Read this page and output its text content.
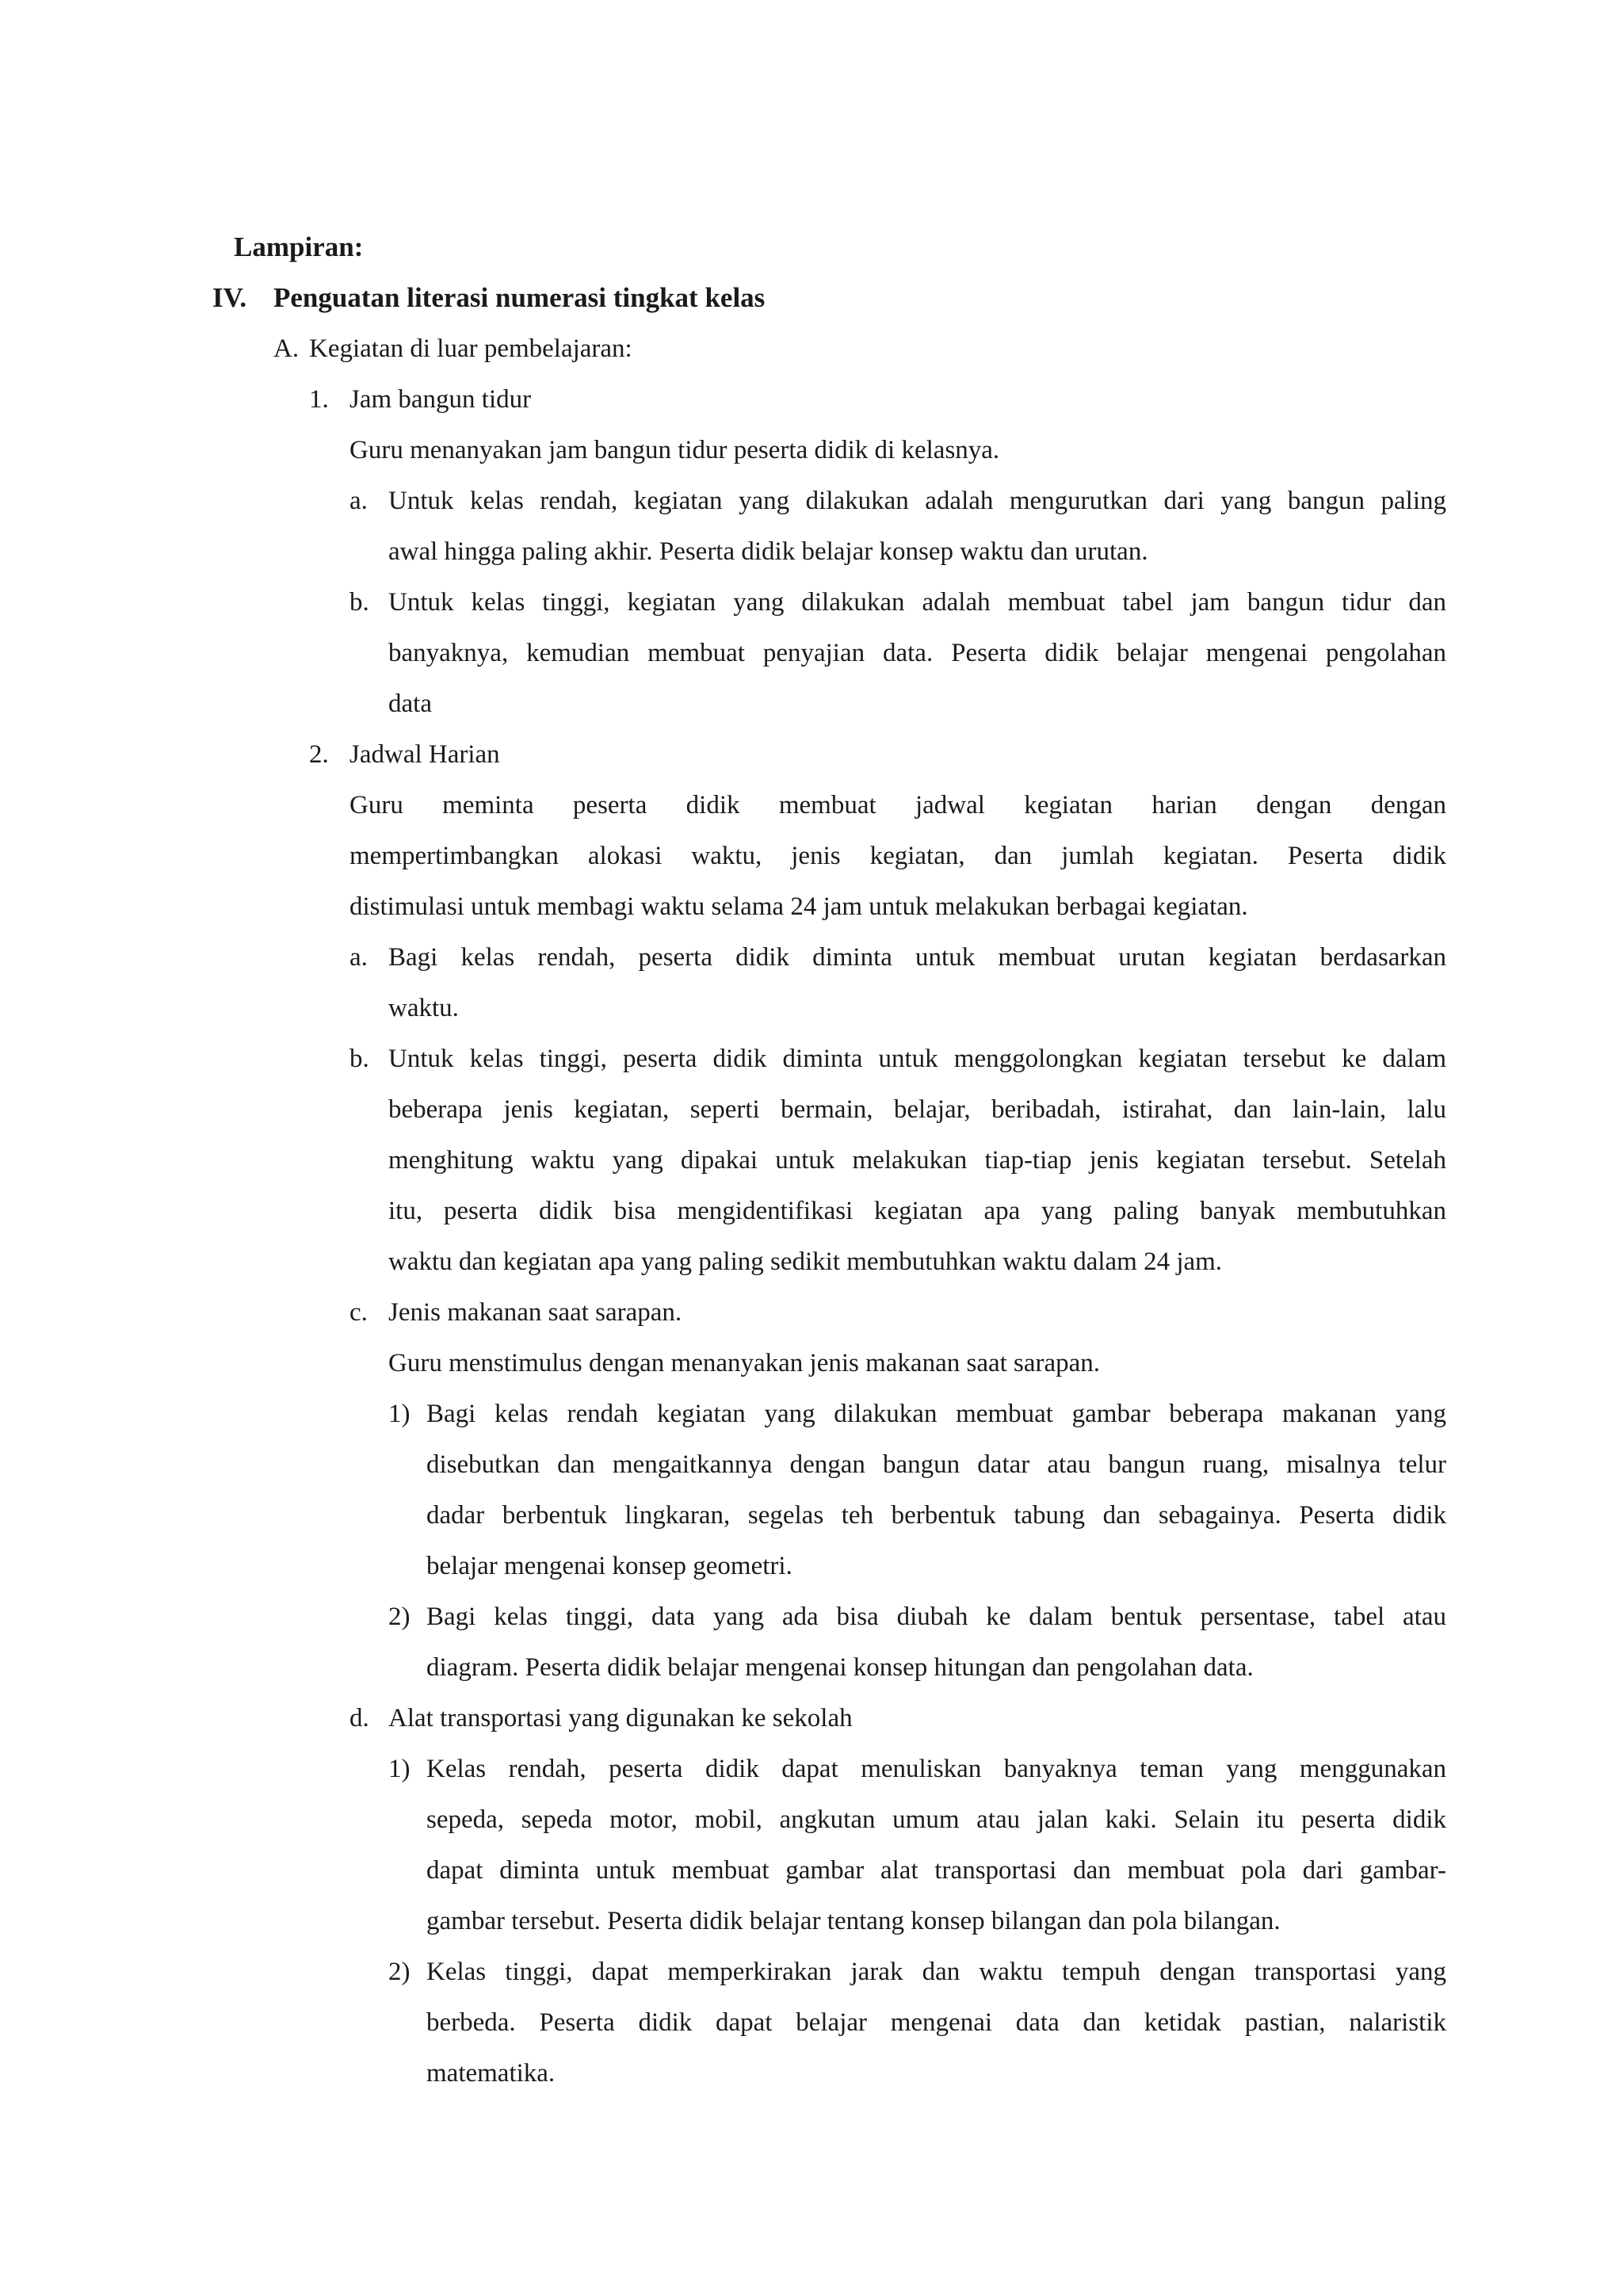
Lampiran:

IV. Penguatan literasi numerasi tingkat kelas

A. Kegiatan di luar pembelajaran:

1. Jam bangun tidur

Guru menanyakan jam bangun tidur peserta didik di kelasnya.

a. Untuk kelas rendah, kegiatan yang dilakukan adalah mengurutkan dari yang bangun paling

awal hingga paling akhir. Peserta didik belajar konsep waktu dan urutan.

b. Untuk kelas tinggi, kegiatan yang dilakukan adalah membuat tabel jam bangun tidur dan

banyaknya, kemudian membuat penyajian data. Peserta didik belajar mengenai pengolahan

data

2. Jadwal Harian

Guru meminta peserta didik membuat jadwal kegiatan harian dengan dengan

mempertimbangkan alokasi waktu, jenis kegiatan, dan jumlah kegiatan. Peserta didik

distimulasi untuk membagi waktu selama 24 jam untuk melakukan berbagai kegiatan.

a. Bagi kelas rendah, peserta didik diminta untuk membuat urutan kegiatan berdasarkan

waktu.

b. Untuk kelas tinggi, peserta didik diminta untuk menggolongkan kegiatan tersebut ke dalam

beberapa jenis kegiatan, seperti bermain, belajar, beribadah, istirahat, dan lain-lain, lalu

menghitung waktu yang dipakai untuk melakukan tiap-tiap jenis kegiatan tersebut. Setelah

itu, peserta didik bisa mengidentifikasi kegiatan apa yang paling banyak membutuhkan

waktu dan kegiatan apa yang paling sedikit membutuhkan waktu dalam 24 jam.

c. Jenis makanan saat sarapan.

Guru menstimulus dengan menanyakan jenis makanan saat sarapan.

1) Bagi kelas rendah kegiatan yang dilakukan membuat gambar beberapa makanan yang

disebutkan dan mengaitkannya dengan bangun datar atau bangun ruang, misalnya telur

dadar berbentuk lingkaran, segelas teh berbentuk tabung dan sebagainya. Peserta didik

belajar mengenai konsep geometri.

2) Bagi kelas tinggi, data yang ada bisa diubah ke dalam bentuk persentase, tabel atau

diagram. Peserta didik belajar mengenai konsep hitungan dan pengolahan data.

d. Alat transportasi yang digunakan ke sekolah

1) Kelas rendah, peserta didik dapat menuliskan banyaknya teman yang menggunakan

sepeda, sepeda motor, mobil, angkutan umum atau jalan kaki. Selain itu peserta didik

dapat diminta untuk membuat gambar alat transportasi dan membuat pola dari gambar-

gambar tersebut. Peserta didik belajar tentang konsep bilangan dan pola bilangan.

2) Kelas tinggi, dapat memperkirakan jarak dan waktu tempuh dengan transportasi yang

berbeda. Peserta didik dapat belajar mengenai data dan ketidak pastian, nalaristik

matematika.
